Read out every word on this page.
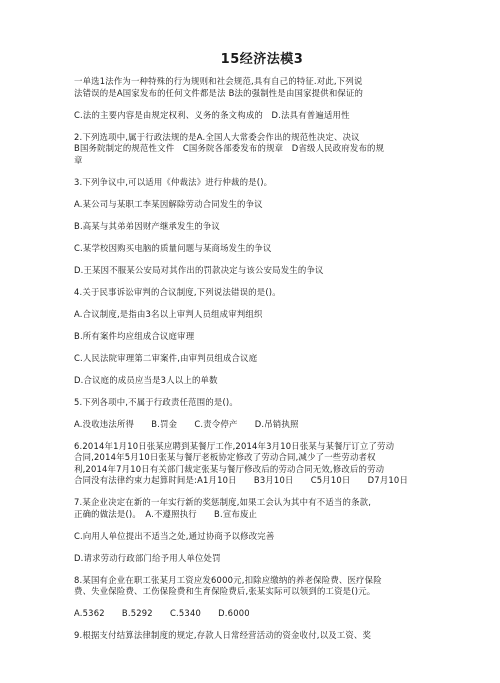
15经济法模3
一单选1法作为一种特殊的行为规则和社会规范,具有自己的特征.对此,下列说
法错误的是A国家发布的任何文件都是法 B法的强制性是由国家提供和保证的
C.法的主要内容是由规定权利、义务的条文构成的　D.法具有普遍适用性
2.下列选项中,属于行政法规的是A.全国人大常委会作出的规范性决定、决议
B国务院制定的规范性文件　C国务院各部委发布的规章　D省级人民政府发布的规
章
3.下列争议中,可以适用《仲裁法》进行仲裁的是()。
A.某公司与某职工李某因解除劳动合同发生的争议
B.高某与其弟弟因财产继承发生的争议
C.某学校因购买电脑的质量问题与某商场发生的争议
D.王某因不服某公安局对其作出的罚款决定与该公安局发生的争议
4.关于民事诉讼审判的合议制度,下列说法错误的是()。
A.合议制度,是指由3名以上审判人员组成审判组织
B.所有案件均应组成合议庭审理
C.人民法院审理第二审案件,由审判员组成合议庭
D.合议庭的成员应当是3人以上的单数
5.下列各项中,不属于行政责任范围的是()。
A.没收违法所得　　B.罚金　　C.责令停产　　D.吊销执照
6.2014年1月10日张某应聘到某餐厅工作,2014年3月10日张某与某餐厅订立了劳动
合同,2014年5月10日张某与餐厅老板协定修改了劳动合同,减少了一些劳动者权
利,2014年7月10日有关部门裁定张某与餐厅修改后的劳动合同无效,修改后的劳动
合同没有法律约束力起算时间是:A1月10日　　B3月10日　　C5月10日　　D7月10日
7.某企业决定在新的一年实行新的奖惩制度,如果工会认为其中有不适当的条款,
正确的做法是()。　A.不遵照执行　　B.宣布废止
C.向用人单位提出不适当之处,通过协商予以修改完善
D.请求劳动行政部门给予用人单位处罚
8.某国有企业在职工张某月工资应发6000元,扣除应缴纳的养老保险费、医疗保险
费、失业保险费、工伤保险费和生育保险费后,张某实际可以领到的工资是()元。
A.5362　　B.5292　　C.5340　　D.6000
9.根据支付结算法律制度的规定,存款人日常经营活动的资金收付,以及工资、奖
